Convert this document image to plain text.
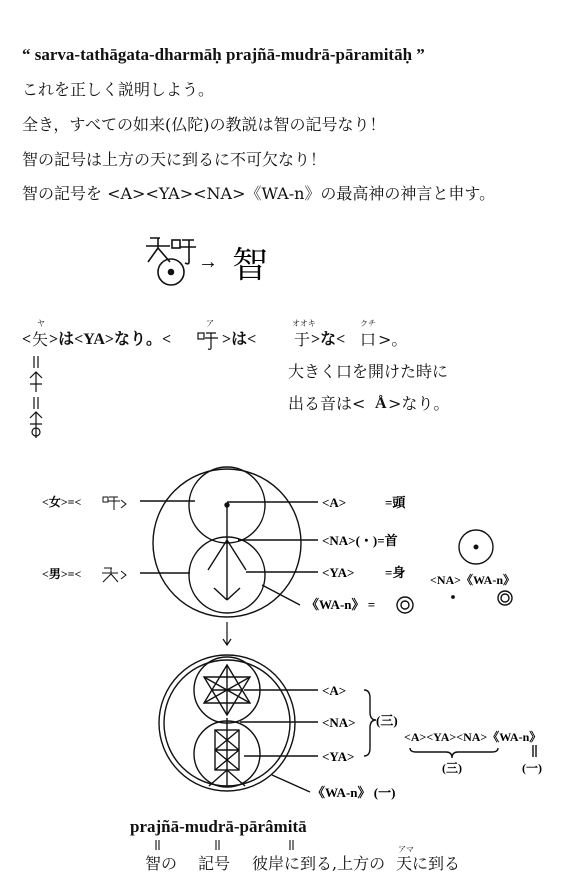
“ sarva-tathāgata-dharmāḥ prajñā-mudrā-pāramitāḥ ”
これを正しく説明しよう。
全き，すべての如来(仏陀)の教説は智の記号なり！
智の記号は上方の天に到るに不可欠なり！
智の記号を <A><YA><NA>《WA-n》の最高神の神言と申す。
→ 智
< 矢
ヤ
>は<YA>なり。<
ア
>は<
オオキ
于 >な<
クチ
口 >。
大きく口を開けた時に
出る音は< Å >なり。
<女>=<
<男>=<
<A>	=頭
<NA>(・)=首
<YA> =身
《WA-n》 =
<NA>《WA-n》
<A>
<NA>
<YA>
(三)
《WA-n》 (一)
<A><YA><NA>《WA-n》
(三)	(一)
prajñā-mudrā-pārâmitā
智の 記号 彼岸に到る,上方の
アマ
天 に到る
